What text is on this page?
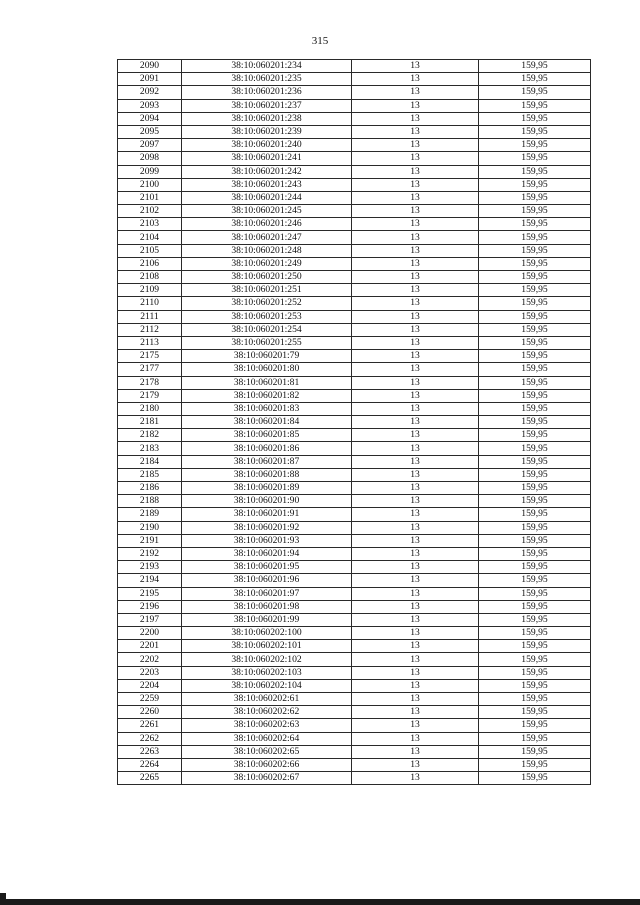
315
2090	38:10:060201:234	13	159,95
2091	38:10:060201:235	13	159,95
2092	38:10:060201:236	13	159,95
2093	38:10:060201:237	13	159,95
2094	38:10:060201:238	13	159,95
2095	38:10:060201:239	13	159,95
2097	38:10:060201:240	13	159,95
2098	38:10:060201:241	13	159,95
2099	38:10:060201:242	13	159,95
2100	38:10:060201:243	13	159,95
2101	38:10:060201:244	13	159,95
2102	38:10:060201:245	13	159,95
2103	38:10:060201:246	13	159,95
2104	38:10:060201:247	13	159,95
2105	38:10:060201:248	13	159,95
2106	38:10:060201:249	13	159,95
2108	38:10:060201:250	13	159,95
2109	38:10:060201:251	13	159,95
2110	38:10:060201:252	13	159,95
2111	38:10:060201:253	13	159,95
2112	38:10:060201:254	13	159,95
2113	38:10:060201:255	13	159,95
2175	38:10:060201:79	13	159,95
2177	38:10:060201:80	13	159,95
2178	38:10:060201:81	13	159,95
2179	38:10:060201:82	13	159,95
2180	38:10:060201:83	13	159,95
2181	38:10:060201:84	13	159,95
2182	38:10:060201:85	13	159,95
2183	38:10:060201:86	13	159,95
2184	38:10:060201:87	13	159,95
2185	38:10:060201:88	13	159,95
2186	38:10:060201:89	13	159,95
2188	38:10:060201:90	13	159,95
2189	38:10:060201:91	13	159,95
2190	38:10:060201:92	13	159,95
2191	38:10:060201:93	13	159,95
2192	38:10:060201:94	13	159,95
2193	38:10:060201:95	13	159,95
2194	38:10:060201:96	13	159,95
2195	38:10:060201:97	13	159,95
2196	38:10:060201:98	13	159,95
2197	38:10:060201:99	13	159,95
2200	38:10:060202:100	13	159,95
2201	38:10:060202:101	13	159,95
2202	38:10:060202:102	13	159,95
2203	38:10:060202:103	13	159,95
2204	38:10:060202:104	13	159,95
2259	38:10:060202:61	13	159,95
2260	38:10:060202:62	13	159,95
2261	38:10:060202:63	13	159,95
2262	38:10:060202:64	13	159,95
2263	38:10:060202:65	13	159,95
2264	38:10:060202:66	13	159,95
2265	38:10:060202:67	13	159,95
